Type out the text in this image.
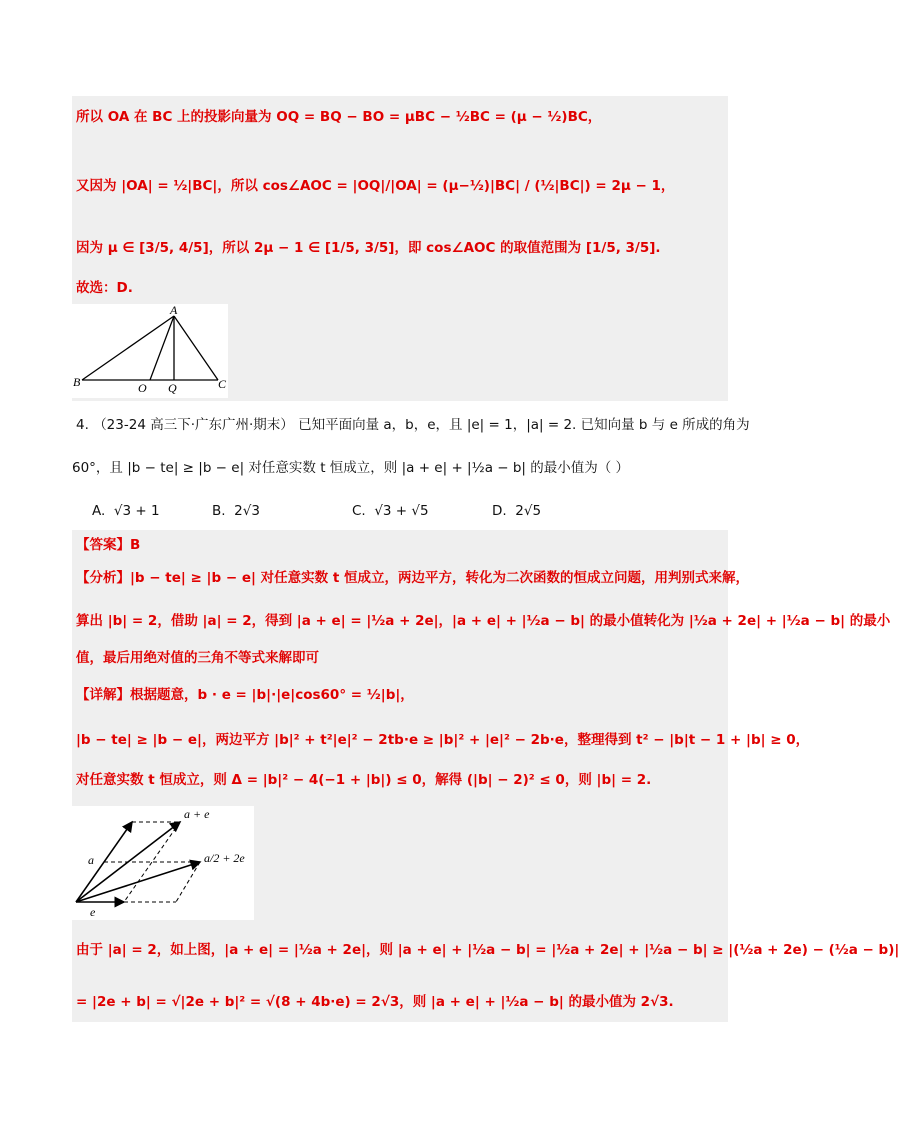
所以 OA 在 BC 上的投影向量为 OQ = BQ − BO = μBC − ½BC = (μ − ½)BC，
又因为 |OA| = ½|BC|，所以 cos∠AOC = |OQ|/|OA| = (μ−½)|BC| / (½|BC|) = 2μ − 1，
因为 μ ∈ [3/5, 4/5]，所以 2μ − 1 ∈ [1/5, 3/5]，即 cos∠AOC 的取值范围为 [1/5, 3/5].
故选：D.
A
B	O Q	C
4. （23-24 高三下·广东广州·期末） 已知平面向量 a，b，e，且 |e| = 1，|a| = 2. 已知向量 b 与 e 所成的角为
60°，且 |b − te| ≥ |b − e| 对任意实数 t 恒成立，则 |a + e| + |½a − b| 的最小值为（ ）
A. √3 + 1	B. 2√3	C. √3 + √5	D. 2√5
【答案】B
【分析】|b − te| ≥ |b − e| 对任意实数 t 恒成立，两边平方，转化为二次函数的恒成立问题，用判别式来解，
算出 |b| = 2，借助 |a| = 2，得到 |a + e| = |½a + 2e|，|a + e| + |½a − b| 的最小值转化为 |½a + 2e| + |½a − b| 的最小
值，最后用绝对值的三角不等式来解即可
【详解】根据题意，b · e = |b|·|e|cos60° = ½|b|，
|b − te| ≥ |b − e|，两边平方 |b|² + t²|e|² − 2tb·e ≥ |b|² + |e|² − 2b·e，整理得到 t² − |b|t − 1 + |b| ≥ 0，
对任意实数 t 恒成立，则 Δ = |b|² − 4(−1 + |b|) ≤ 0，解得 (|b| − 2)² ≤ 0，则 |b| = 2.
a + e
a	a/2 + 2e
e
由于 |a| = 2，如上图，|a + e| = |½a + 2e|，则 |a + e| + |½a − b| = |½a + 2e| + |½a − b| ≥ |(½a + 2e) − (½a − b)|
= |2e + b| = √|2e + b|² = √(8 + 4b·e) = 2√3，则 |a + e| + |½a − b| 的最小值为 2√3.
